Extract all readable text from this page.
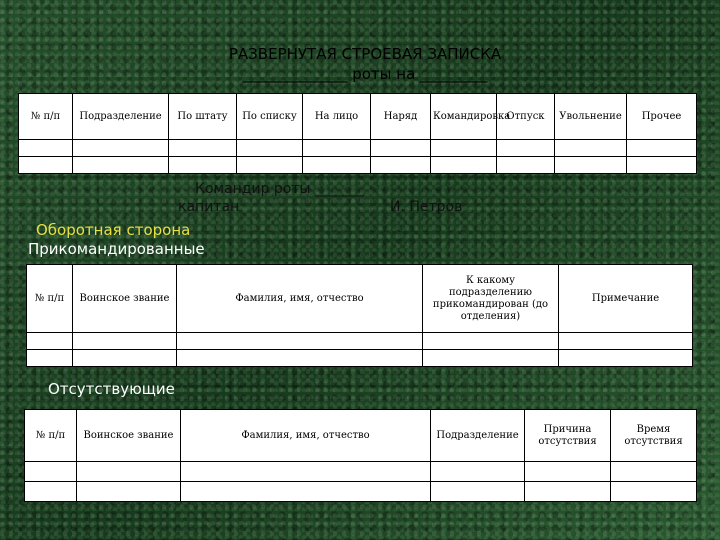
РАЗВЕРНУТАЯ СТРОЕВАЯ ЗАПИСКА
______________ роты на _________
№ п/п	Подразделение	По штату	По списку	На лицо	Наряд	Командировка	Отпуск	Увольнение	Прочее

Командир роты _______
капитан	И. Петров
Оборотная сторона
Прикомандированные
№ п/п	Воинское звание	Фамилия, имя, отчество	К какому подразделению прикомандирован (до отделения)	Примечание

Отсутствующие
№ п/п	Воинское звание	Фамилия, имя, отчество	Подразделение	Причина отсутствия	Время отсутствия
